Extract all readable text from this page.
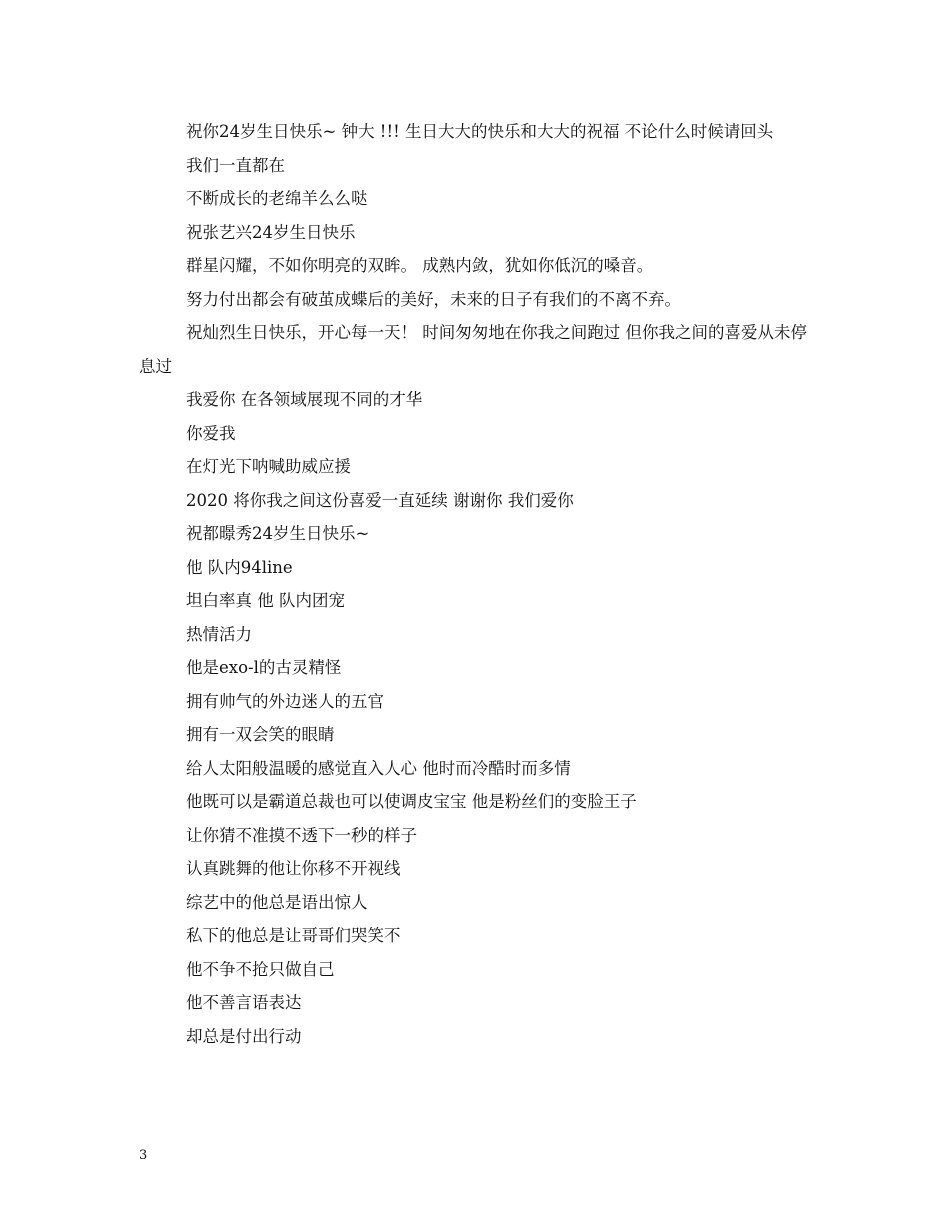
祝你24岁生日快乐~ 钟大 !!! 生日大大的快乐和大大的祝福 不论什么时候请回头

我们一直都在

不断成长的老绵羊么么哒

祝张艺兴24岁生日快乐

群星闪耀，不如你明亮的双眸。 成熟内敛，犹如你低沉的嗓音。

努力付出都会有破茧成蝶后的美好，未来的日子有我们的不离不弃。

祝灿烈生日快乐，开心每一天！ 时间匆匆地在你我之间跑过 但你我之间的喜爱从未停息过

我爱你 在各领域展现不同的才华

你爱我

在灯光下呐喊助威应援

2020 将你我之间这份喜爱一直延续 谢谢你 我们爱你

祝都暻秀24岁生日快乐~

他 队内94line

坦白率真 他 队内团宠

热情活力

他是exo-l的古灵精怪

拥有帅气的外边迷人的五官

拥有一双会笑的眼睛

给人太阳般温暖的感觉直入人心 他时而冷酷时而多情

他既可以是霸道总裁也可以使调皮宝宝 他是粉丝们的变脸王子

让你猜不准摸不透下一秒的样子

认真跳舞的他让你移不开视线

综艺中的他总是语出惊人

私下的他总是让哥哥们哭笑不

他不争不抢只做自己

他不善言语表达

却总是付出行动

3
